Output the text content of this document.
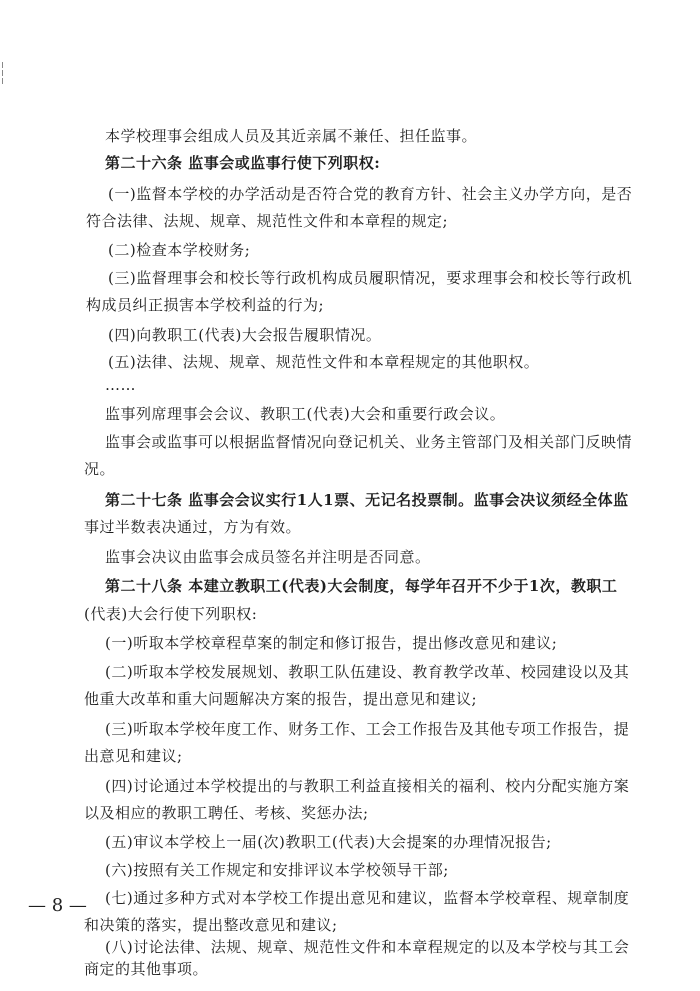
本学校理事会组成人员及其近亲属不兼任、担任监事。
第二十六条 监事会或监事行使下列职权:
(一)监督本学校的办学活动是否符合党的教育方针、社会主义办学方向，是否
符合法律、法规、规章、规范性文件和本章程的规定;
(二)检查本学校财务;
(三)监督理事会和校长等行政机构成员履职情况，要求理事会和校长等行政机
构成员纠正损害本学校利益的行为;
(四)向教职工(代表)大会报告履职情况。
(五)法律、法规、规章、规范性文件和本章程规定的其他职权。
……
监事列席理事会会议、教职工(代表)大会和重要行政会议。
监事会或监事可以根据监督情况向登记机关、业务主管部门及相关部门反映情
况。
第二十七条 监事会会议实行1人1票、无记名投票制。监事会决议须经全体监
事过半数表决通过，方为有效。
监事会决议由监事会成员签名并注明是否同意。
第二十八条 本建立教职工(代表)大会制度，每学年召开不少于1次，教职工
(代表)大会行使下列职权:
(一)听取本学校章程草案的制定和修订报告，提出修改意见和建议;
(二)听取本学校发展规划、教职工队伍建设、教育教学改革、校园建设以及其
他重大改革和重大问题解决方案的报告，提出意见和建议;
(三)听取本学校年度工作、财务工作、工会工作报告及其他专项工作报告，提
出意见和建议;
(四)讨论通过本学校提出的与教职工利益直接相关的福利、校内分配实施方案
以及相应的教职工聘任、考核、奖惩办法;
(五)审议本学校上一届(次)教职工(代表)大会提案的办理情况报告;
(六)按照有关工作规定和安排评议本学校领导干部;
(七)通过多种方式对本学校工作提出意见和建议，监督本学校章程、规章制度
和决策的落实，提出整改意见和建议;
(八)讨论法律、法规、规章、规范性文件和本章程规定的以及本学校与其工会
商定的其他事项。
— 8 —
